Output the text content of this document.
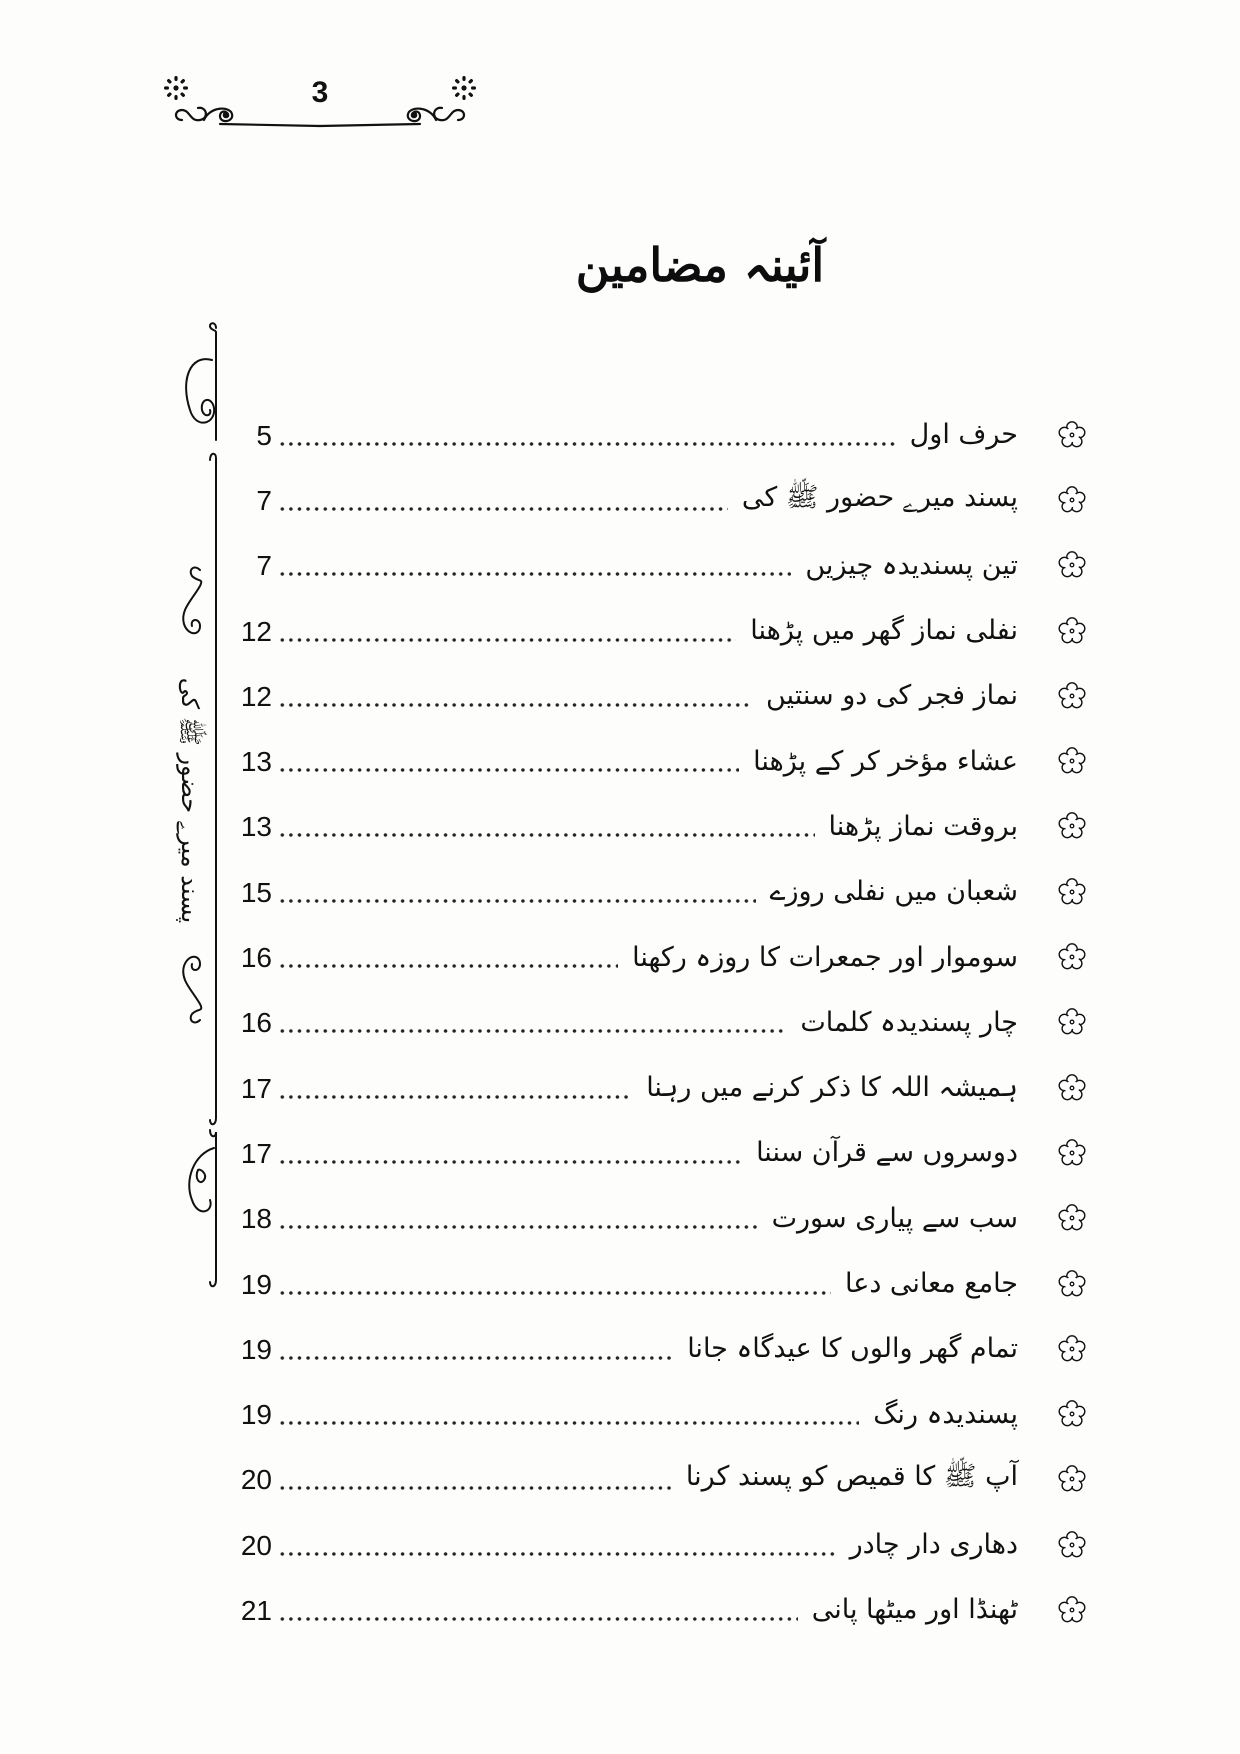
3
آئینہ مضامین
پسند میرے حضور ﷺ کی
5	حرف اول
7	پسند میرے حضور ﷺ کی
7	تین پسندیدہ چیزیں
12	نفلی نماز گھر میں پڑھنا
12	نماز فجر کی دو سنتیں
13	عشاء مؤخر کر کے پڑھنا
13	بروقت نماز پڑھنا
15	شعبان میں نفلی روزے
16	سوموار اور جمعرات کا روزہ رکھنا
16	چار پسندیدہ کلمات
17	ہمیشہ اللہ کا ذکر کرنے میں رہنا
17	دوسروں سے قرآن سننا
18	سب سے پیاری سورت
19	جامع معانی دعا
19	تمام گھر والوں کا عیدگاہ جانا
19	پسندیدہ رنگ
20	آپ ﷺ کا قمیص کو پسند کرنا
20	دھاری دار چادر
21	ٹھنڈا اور میٹھا پانی
